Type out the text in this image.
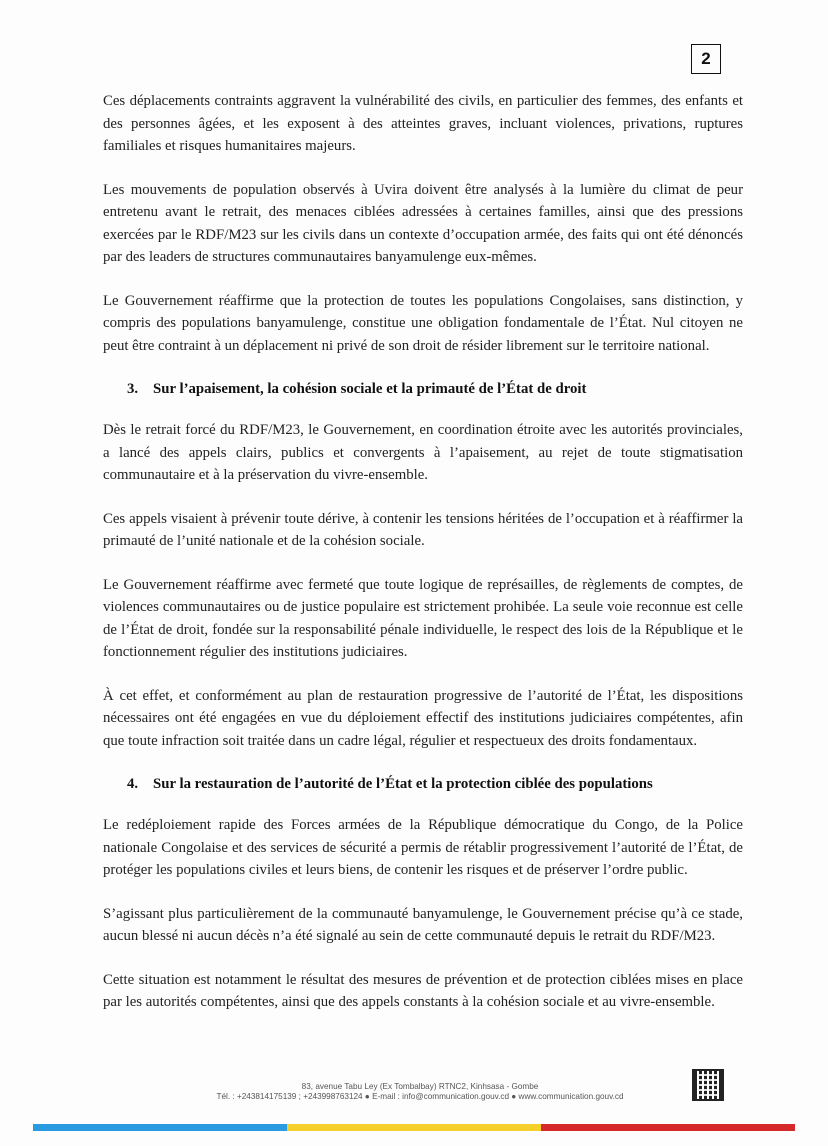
2

Ces déplacements contraints aggravent la vulnérabilité des civils, en particulier des femmes, des enfants et des personnes âgées, et les exposent à des atteintes graves, incluant violences, privations, ruptures familiales et risques humanitaires majeurs.

Les mouvements de population observés à Uvira doivent être analysés à la lumière du climat de peur entretenu avant le retrait, des menaces ciblées adressées à certaines familles, ainsi que des pressions exercées par le RDF/M23 sur les civils dans un contexte d’occupation armée, des faits qui ont été dénoncés par des leaders de structures communautaires banyamulenge eux-mêmes.

Le Gouvernement réaffirme que la protection de toutes les populations Congolaises, sans distinction, y compris des populations banyamulenge, constitue une obligation fondamentale de l’État. Nul citoyen ne peut être contraint à un déplacement ni privé de son droit de résider librement sur le territoire national.

3. Sur l’apaisement, la cohésion sociale et la primauté de l’État de droit

Dès le retrait forcé du RDF/M23, le Gouvernement, en coordination étroite avec les autorités provinciales, a lancé des appels clairs, publics et convergents à l’apaisement, au rejet de toute stigmatisation communautaire et à la préservation du vivre-ensemble.

Ces appels visaient à prévenir toute dérive, à contenir les tensions héritées de l’occupation et à réaffirmer la primauté de l’unité nationale et de la cohésion sociale.

Le Gouvernement réaffirme avec fermeté que toute logique de représailles, de règlements de comptes, de violences communautaires ou de justice populaire est strictement prohibée. La seule voie reconnue est celle de l’État de droit, fondée sur la responsabilité pénale individuelle, le respect des lois de la République et le fonctionnement régulier des institutions judiciaires.

À cet effet, et conformément au plan de restauration progressive de l’autorité de l’État, les dispositions nécessaires ont été engagées en vue du déploiement effectif des institutions judiciaires compétentes, afin que toute infraction soit traitée dans un cadre légal, régulier et respectueux des droits fondamentaux.

4. Sur la restauration de l’autorité de l’État et la protection ciblée des populations

Le redéploiement rapide des Forces armées de la République démocratique du Congo, de la Police nationale Congolaise et des services de sécurité a permis de rétablir progressivement l’autorité de l’État, de protéger les populations civiles et leurs biens, de contenir les risques et de préserver l’ordre public.

S’agissant plus particulièrement de la communauté banyamulenge, le Gouvernement précise qu’à ce stade, aucun blessé ni aucun décès n’a été signalé au sein de cette communauté depuis le retrait du RDF/M23.

Cette situation est notamment le résultat des mesures de prévention et de protection ciblées mises en place par les autorités compétentes, ainsi que des appels constants à la cohésion sociale et au vivre-ensemble.

83, avenue Tabu Ley (Ex Tombalbay) RTNC2, Kinhsasa - Gombe
Tél. : +243814175139 ; +243998763124 ● E-mail : info@communication.gouv.cd ● www.communication.gouv.cd
